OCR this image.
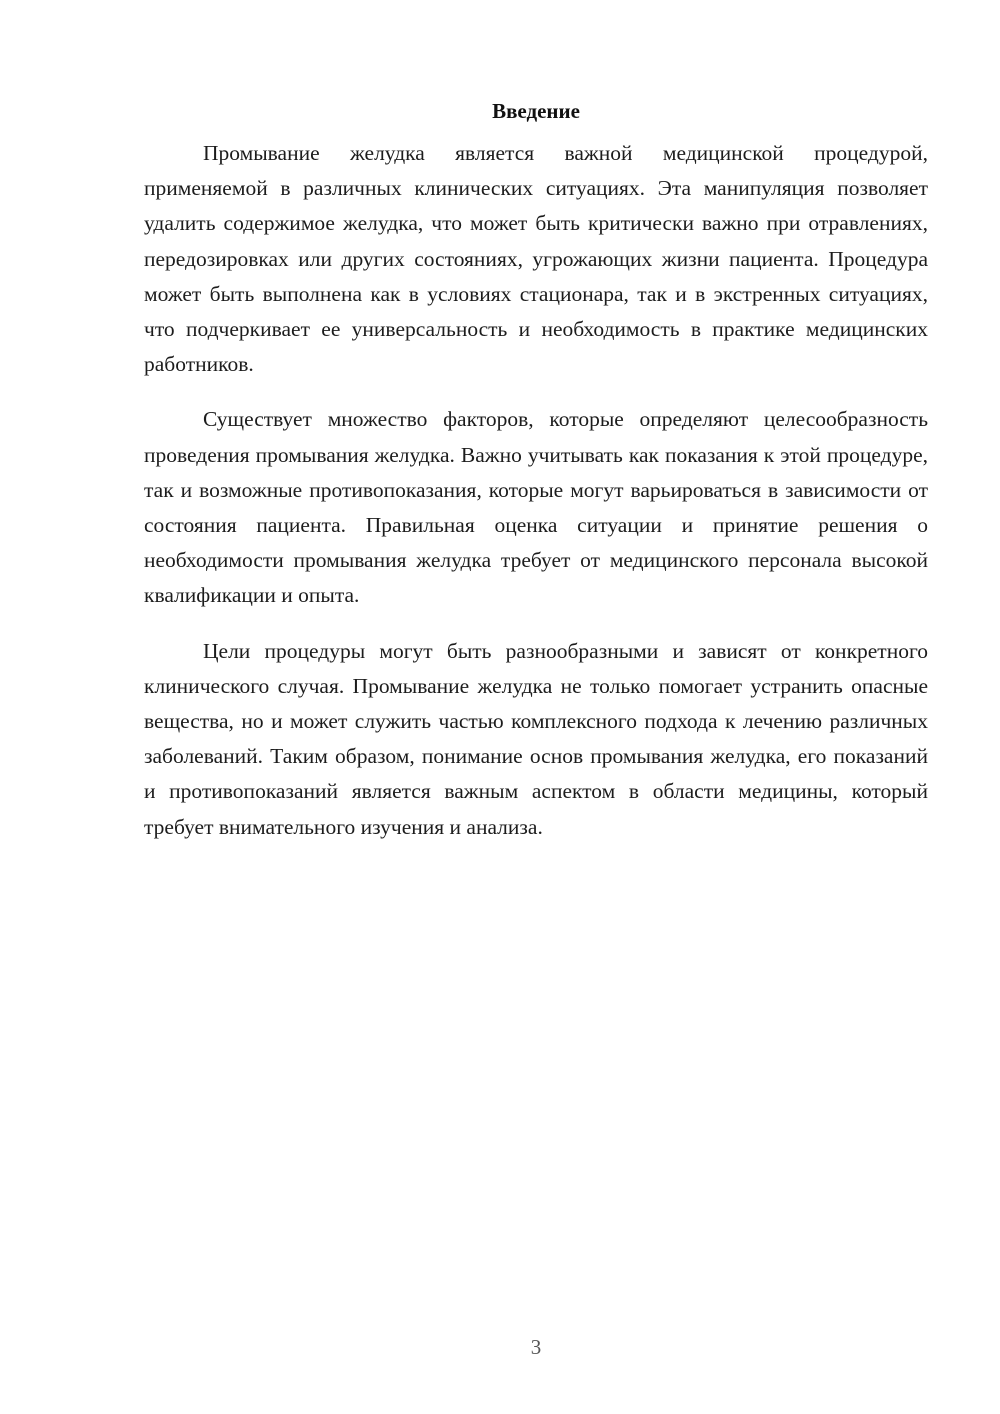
Введение

Промывание желудка является важной медицинской процедурой, применяемой в различных клинических ситуациях. Эта манипуляция позволяет удалить содержимое желудка, что может быть критически важно при отравлениях, передозировках или других состояниях, угрожающих жизни пациента. Процедура может быть выполнена как в условиях стационара, так и в экстренных ситуациях, что подчеркивает ее универсальность и необходимость в практике медицинских работников.

Существует множество факторов, которые определяют целесообразность проведения промывания желудка. Важно учитывать как показания к этой процедуре, так и возможные противопоказания, которые могут варьироваться в зависимости от состояния пациента. Правильная оценка ситуации и принятие решения о необходимости промывания желудка требует от медицинского персонала высокой квалификации и опыта.

Цели процедуры могут быть разнообразными и зависят от конкретного клинического случая. Промывание желудка не только помогает устранить опасные вещества, но и может служить частью комплексного подхода к лечению различных заболеваний. Таким образом, понимание основ промывания желудка, его показаний и противопоказаний является важным аспектом в области медицины, который требует внимательного изучения и анализа.

3
